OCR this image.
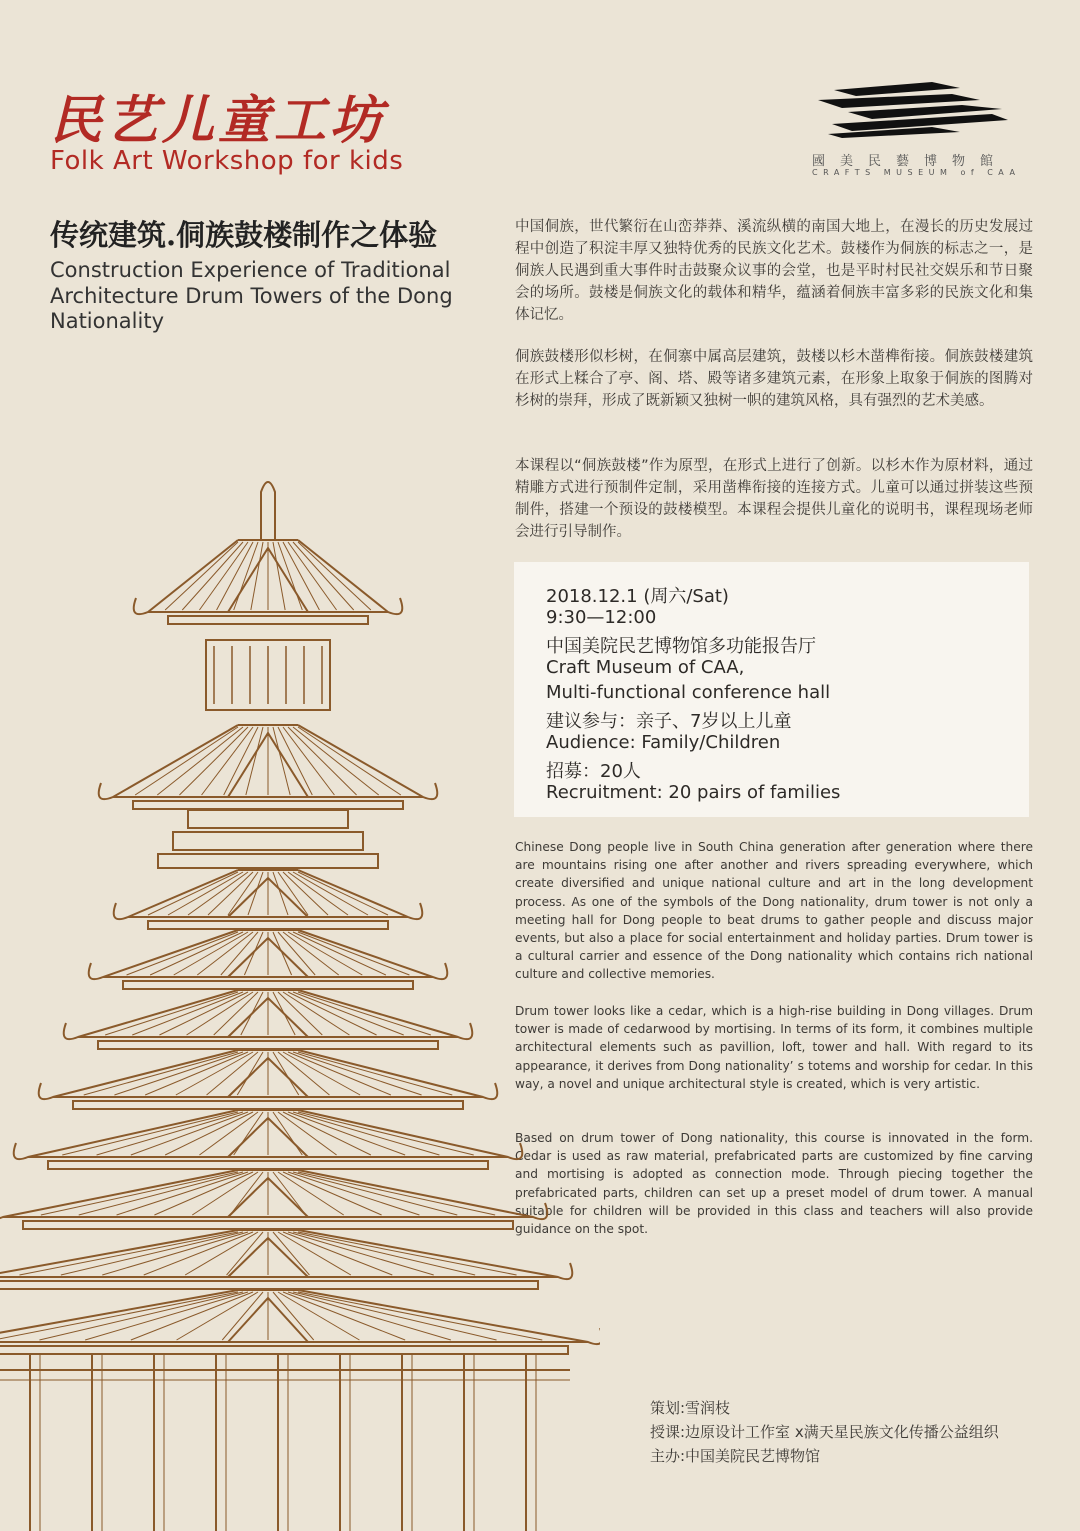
民艺儿童工坊
Folk Art Workshop for kids	國美民藝博物館
CRAFTS MUSEUM of CAA
传统建筑.侗族鼓楼制作之体验
Construction Experience of Traditional Architecture Drum Towers of the Dong Nationality

中国侗族，世代繁衍在山峦莽莽、溪流纵横的南国大地上，在漫长的历史发展过程中创造了积淀丰厚又独特优秀的民族文化艺术。鼓楼作为侗族的标志之一，是侗族人民遇到重大事件时击鼓聚众议事的会堂，也是平时村民社交娱乐和节日聚会的场所。鼓楼是侗族文化的载体和精华，蕴涵着侗族丰富多彩的民族文化和集体记忆。

侗族鼓楼形似杉树，在侗寨中属高层建筑，鼓楼以杉木凿榫衔接。侗族鼓楼建筑在形式上糅合了亭、阁、塔、殿等诸多建筑元素，在形象上取象于侗族的图腾对杉树的崇拜，形成了既新颖又独树一帜的建筑风格，具有强烈的艺术美感。

本课程以“侗族鼓楼”作为原型，在形式上进行了创新。以杉木作为原材料，通过精雕方式进行预制件定制，采用凿榫衔接的连接方式。儿童可以通过拼装这些预制件，搭建一个预设的鼓楼模型。本课程会提供儿童化的说明书，课程现场老师会进行引导制作。

2018.12.1 (周六/Sat)
9:30—12:00
中国美院民艺博物馆多功能报告厅
Craft Museum of CAA,
Multi-functional conference hall
建议参与：亲子、7岁以上儿童
Audience: Family/Children
招募：20人
Recruitment: 20 pairs of families

Chinese Dong people live in South China generation after generation where there are mountains rising one after another and rivers spreading everywhere, which create diversified and unique national culture and art in the long development process. As one of the symbols of the Dong nationality, drum tower is not only a meeting hall for Dong people to beat drums to gather people and discuss major events, but also a place for social entertainment and holiday parties. Drum tower is a cultural carrier and essence of the Dong nationality which contains rich national culture and collective memories.

Drum tower looks like a cedar, which is a high-rise building in Dong villages. Drum tower is made of cedarwood by mortising. In terms of its form, it combines multiple architectural elements such as pavillion, loft, tower and hall. With regard to its appearance, it derives from Dong nationality’ s totems and worship for cedar. In this way, a novel and unique architectural style is created, which is very artistic.

Based on drum tower of Dong nationality, this course is innovated in the form. Cedar is used as raw material, prefabricated parts are customized by fine carving and mortising is adopted as connection mode. Through piecing together the prefabricated parts, children can set up a preset model of drum tower. A manual suitable for children will be provided in this class and teachers will also provide guidance on the spot.

策划:雪润枝
授课:边原设计工作室 x满天星民族文化传播公益组织
主办:中国美院民艺博物馆
